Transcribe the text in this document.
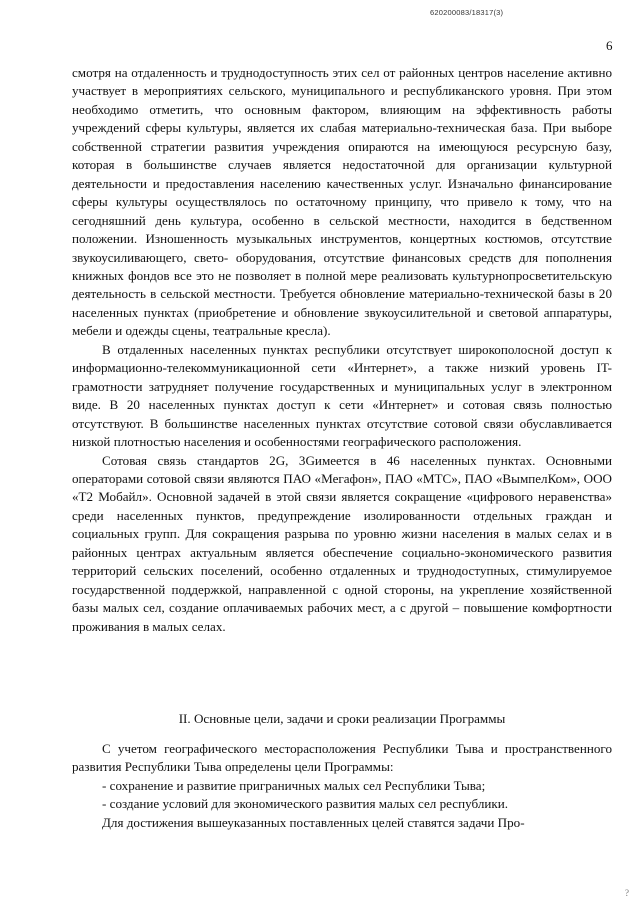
620200083/18317(3)
6

смотря на отдаленность и труднодоступность этих сел от районных центров население активно участвует в мероприятиях сельского, муниципального и республиканского уровня. При этом необходимо отметить, что основным фактором, влияющим на эффективность работы учреждений сферы культуры, является их слабая материально-техническая база. При выборе собственной стратегии развития учреждения опираются на имеющуюся ресурсную базу, которая в большинстве случаев является недостаточной для организации культурной деятельности и предоставления населению качественных услуг. Изначально финансирование сферы культуры осуществлялось по остаточному принципу, что привело к тому, что на сегодняшний день культура, особенно в сельской местности, находится в бедственном положении. Изношенность музыкальных инструментов, концертных костюмов, отсутствие звукоусиливающего, свето- оборудования, отсутствие финансовых средств для пополнения книжных фондов все это не позволяет в полной мере реализовать культурнопросветительскую деятельность в сельской местности. Требуется обновление материально-технической базы в 20 населенных пунктах (приобретение и обновление звукоусилительной и световой аппаратуры, мебели и одежды сцены, театральные кресла).

В отдаленных населенных пунктах республики отсутствует широкополосной доступ к информационно-телекоммуникационной сети «Интернет», а также низкий уровень IT-грамотности затрудняет получение государственных и муниципальных услуг в электронном виде. В 20 населенных пунктах доступ к сети «Интернет» и сотовая связь полностью отсутствуют. В большинстве населенных пунктах отсутствие сотовой связи обуславливается низкой плотностью населения и особенностями географического расположения.

Сотовая связь стандартов 2G, 3Gимеется в 46 населенных пунктах. Основными операторами сотовой связи являются ПАО «Мегафон», ПАО «МТС», ПАО «ВымпелКом», ООО «Т2 Мобайл». Основной задачей в этой связи является сокращение «цифрового неравенства» среди населенных пунктов, предупреждение изолированности отдельных граждан и социальных групп. Для сокращения разрыва по уровню жизни населения в малых селах и в районных центрах актуальным является обеспечение социально-экономического развития территорий сельских поселений, особенно отдаленных и труднодоступных, стимулируемое государственной поддержкой, направленной с одной стороны, на укрепление хозяйственной базы малых сел, создание оплачиваемых рабочих мест, а с другой – повышение комфортности проживания в малых селах.

II. Основные цели, задачи и сроки реализации Программы

С учетом географического месторасположения Республики Тыва и пространственного развития Республики Тыва определены цели Программы:

- сохранение и развитие приграничных малых сел Республики Тыва;

- создание условий для экономического развития малых сел республики.

Для достижения вышеуказанных поставленных целей ставятся задачи Про-

?
